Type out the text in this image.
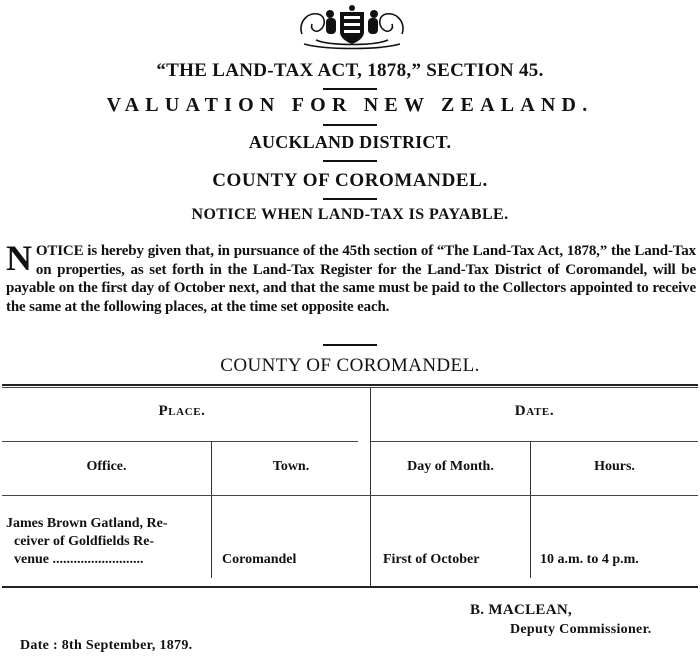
“THE LAND-TAX ACT, 1878,” SECTION 45.
VALUATION FOR NEW ZEALAND.
AUCKLAND DISTRICT.
COUNTY OF COROMANDEL.
NOTICE WHEN LAND-TAX IS PAYABLE.
NOTICE is hereby given that, in pursuance of the 45th section of “The Land-Tax Act, 1878,” the Land-Tax on properties, as set forth in the Land-Tax Register for the Land-Tax District of Coromandel, will be payable on the first day of October next, and that the same must be paid to the Collectors appointed to receive the same at the following places, at the time set opposite each.
COUNTY OF COROMANDEL.
Place.	Date.
Office.	Town.	Day of Month.	Hours.
James Brown Gatland, Re-
ceiver of Goldfields Re-
venue ..........................	Coromandel	First of October	10 a.m. to 4 p.m.
B. MACLEAN,
Deputy Commissioner.
Date : 8th September, 1879.
